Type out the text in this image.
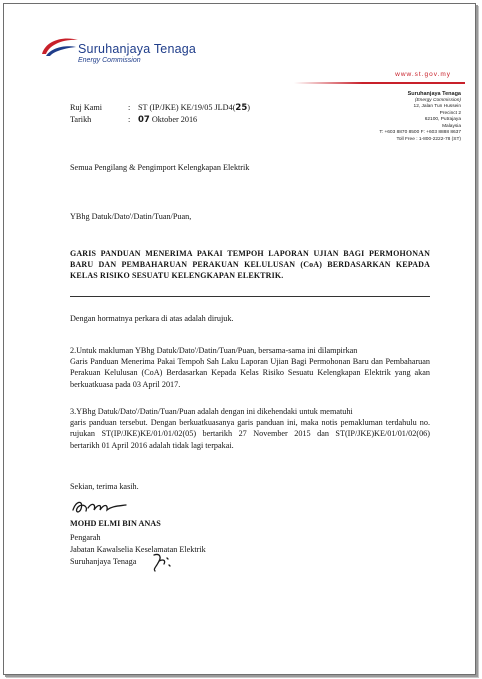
Suruhanjaya Tenaga
Energy Commission
www.st.gov.my
Suruhanjaya Tenaga
(Energy Commission)
12, Jalan Tun Hussein
Precinct 2
62100, Putrajaya
Malaysia
T: +603 8870 8500 F: +603 8888 8637
Toll Free : 1-800-2222-78 (ST)
Ruj Kami	: ST (IP/JKE) KE/19/05 JLD4(25)
Tarikh	: 07 Oktober 2016
Semua Pengilang & Pengimport Kelengkapan Elektrik
YBhg Datuk/Dato'/Datin/Tuan/Puan,
GARIS PANDUAN MENERIMA PAKAI TEMPOH LAPORAN UJIAN BAGI PERMOHONAN BARU DAN PEMBAHARUAN PERAKUAN KELULUSAN (CoA) BERDASARKAN KEPADA KELAS RISIKO SESUATU KELENGKAPAN ELEKTRIK.
Dengan hormatnya perkara di atas adalah dirujuk.
2.Untuk makluman YBhg Datuk/Dato'/Datin/Tuan/Puan, bersama-sama ini dilampirkan
Garis Panduan Menerima Pakai Tempoh Sah Laku Laporan Ujian Bagi Permohonan Baru dan Pembaharuan Perakuan Kelulusan (CoA) Berdasarkan Kepada Kelas Risiko Sesuatu Kelengkapan Elektrik yang akan berkuatkuasa pada 03 April 2017.
3.YBhg Datuk/Dato'/Datin/Tuan/Puan adalah dengan ini dikehendaki untuk mematuhi
garis panduan tersebut. Dengan berkuatkuasanya garis panduan ini, maka notis pemakluman terdahulu no. rujukan ST(IP/JKE)KE/01/01/02(05) bertarikh 27 November 2015 dan ST(IP/JKE)KE/01/01/02(06) bertarikh 01 April 2016 adalah tidak lagi terpakai.
Sekian, terima kasih.
MOHD ELMI BIN ANAS
Pengarah
Jabatan Kawalselia Keselamatan Elektrik
Suruhanjaya Tenaga
